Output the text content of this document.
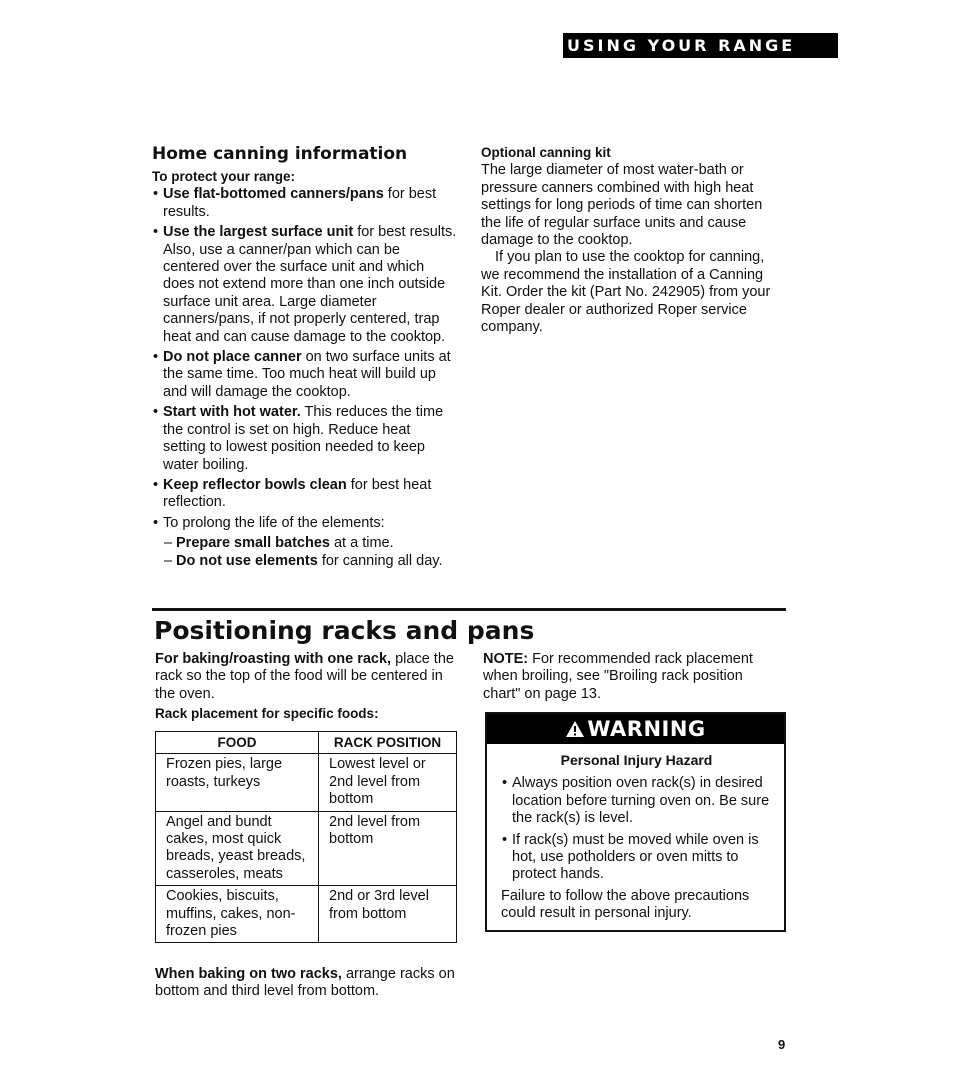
USING YOUR RANGE
Home canning information
To protect your range:
• Use flat-bottomed canners/pans for best results.
• Use the largest surface unit for best results. Also, use a canner/pan which can be centered over the surface unit and which does not extend more than one inch outside surface unit area. Large diameter canners/pans, if not properly centered, trap heat and can cause damage to the cooktop.
• Do not place canner on two surface units at the same time. Too much heat will build up and will damage the cooktop.
• Start with hot water. This reduces the time the control is set on high. Reduce heat setting to lowest position needed to keep water boiling.
• Keep reflector bowls clean for best heat reflection.
• To prolong the life of the elements:
– Prepare small batches at a time.
– Do not use elements for canning all day.
Optional canning kit

The large diameter of most water-bath or pressure canners combined with high heat settings for long periods of time can shorten the life of regular surface units and cause damage to the cooktop.

If you plan to use the cooktop for canning, we recommend the installation of a Canning Kit. Order the kit (Part No. 242905) from your Roper dealer or authorized Roper service company.

Positioning racks and pans

For baking/roasting with one rack, place the rack so the top of the food will be centered in the oven.

Rack placement for specific foods:
FOOD	RACK POSITION
Frozen pies, large roasts, turkeys	Lowest level or 2nd level from bottom
Angel and bundt cakes, most quick breads, yeast breads, casseroles, meats	2nd level from bottom
Cookies, biscuits, muffins, cakes, non-frozen pies	2nd or 3rd level from bottom
When baking on two racks, arrange racks on bottom and third level from bottom.
NOTE: For recommended rack placement when broiling, see "Broiling rack position chart" on page 13.
WARNING
Personal Injury Hazard
• Always position oven rack(s) in desired location before turning oven on. Be sure the rack(s) is level.
• If rack(s) must be moved while oven is hot, use potholders or oven mitts to protect hands.

Failure to follow the above precautions could result in personal injury.

9
